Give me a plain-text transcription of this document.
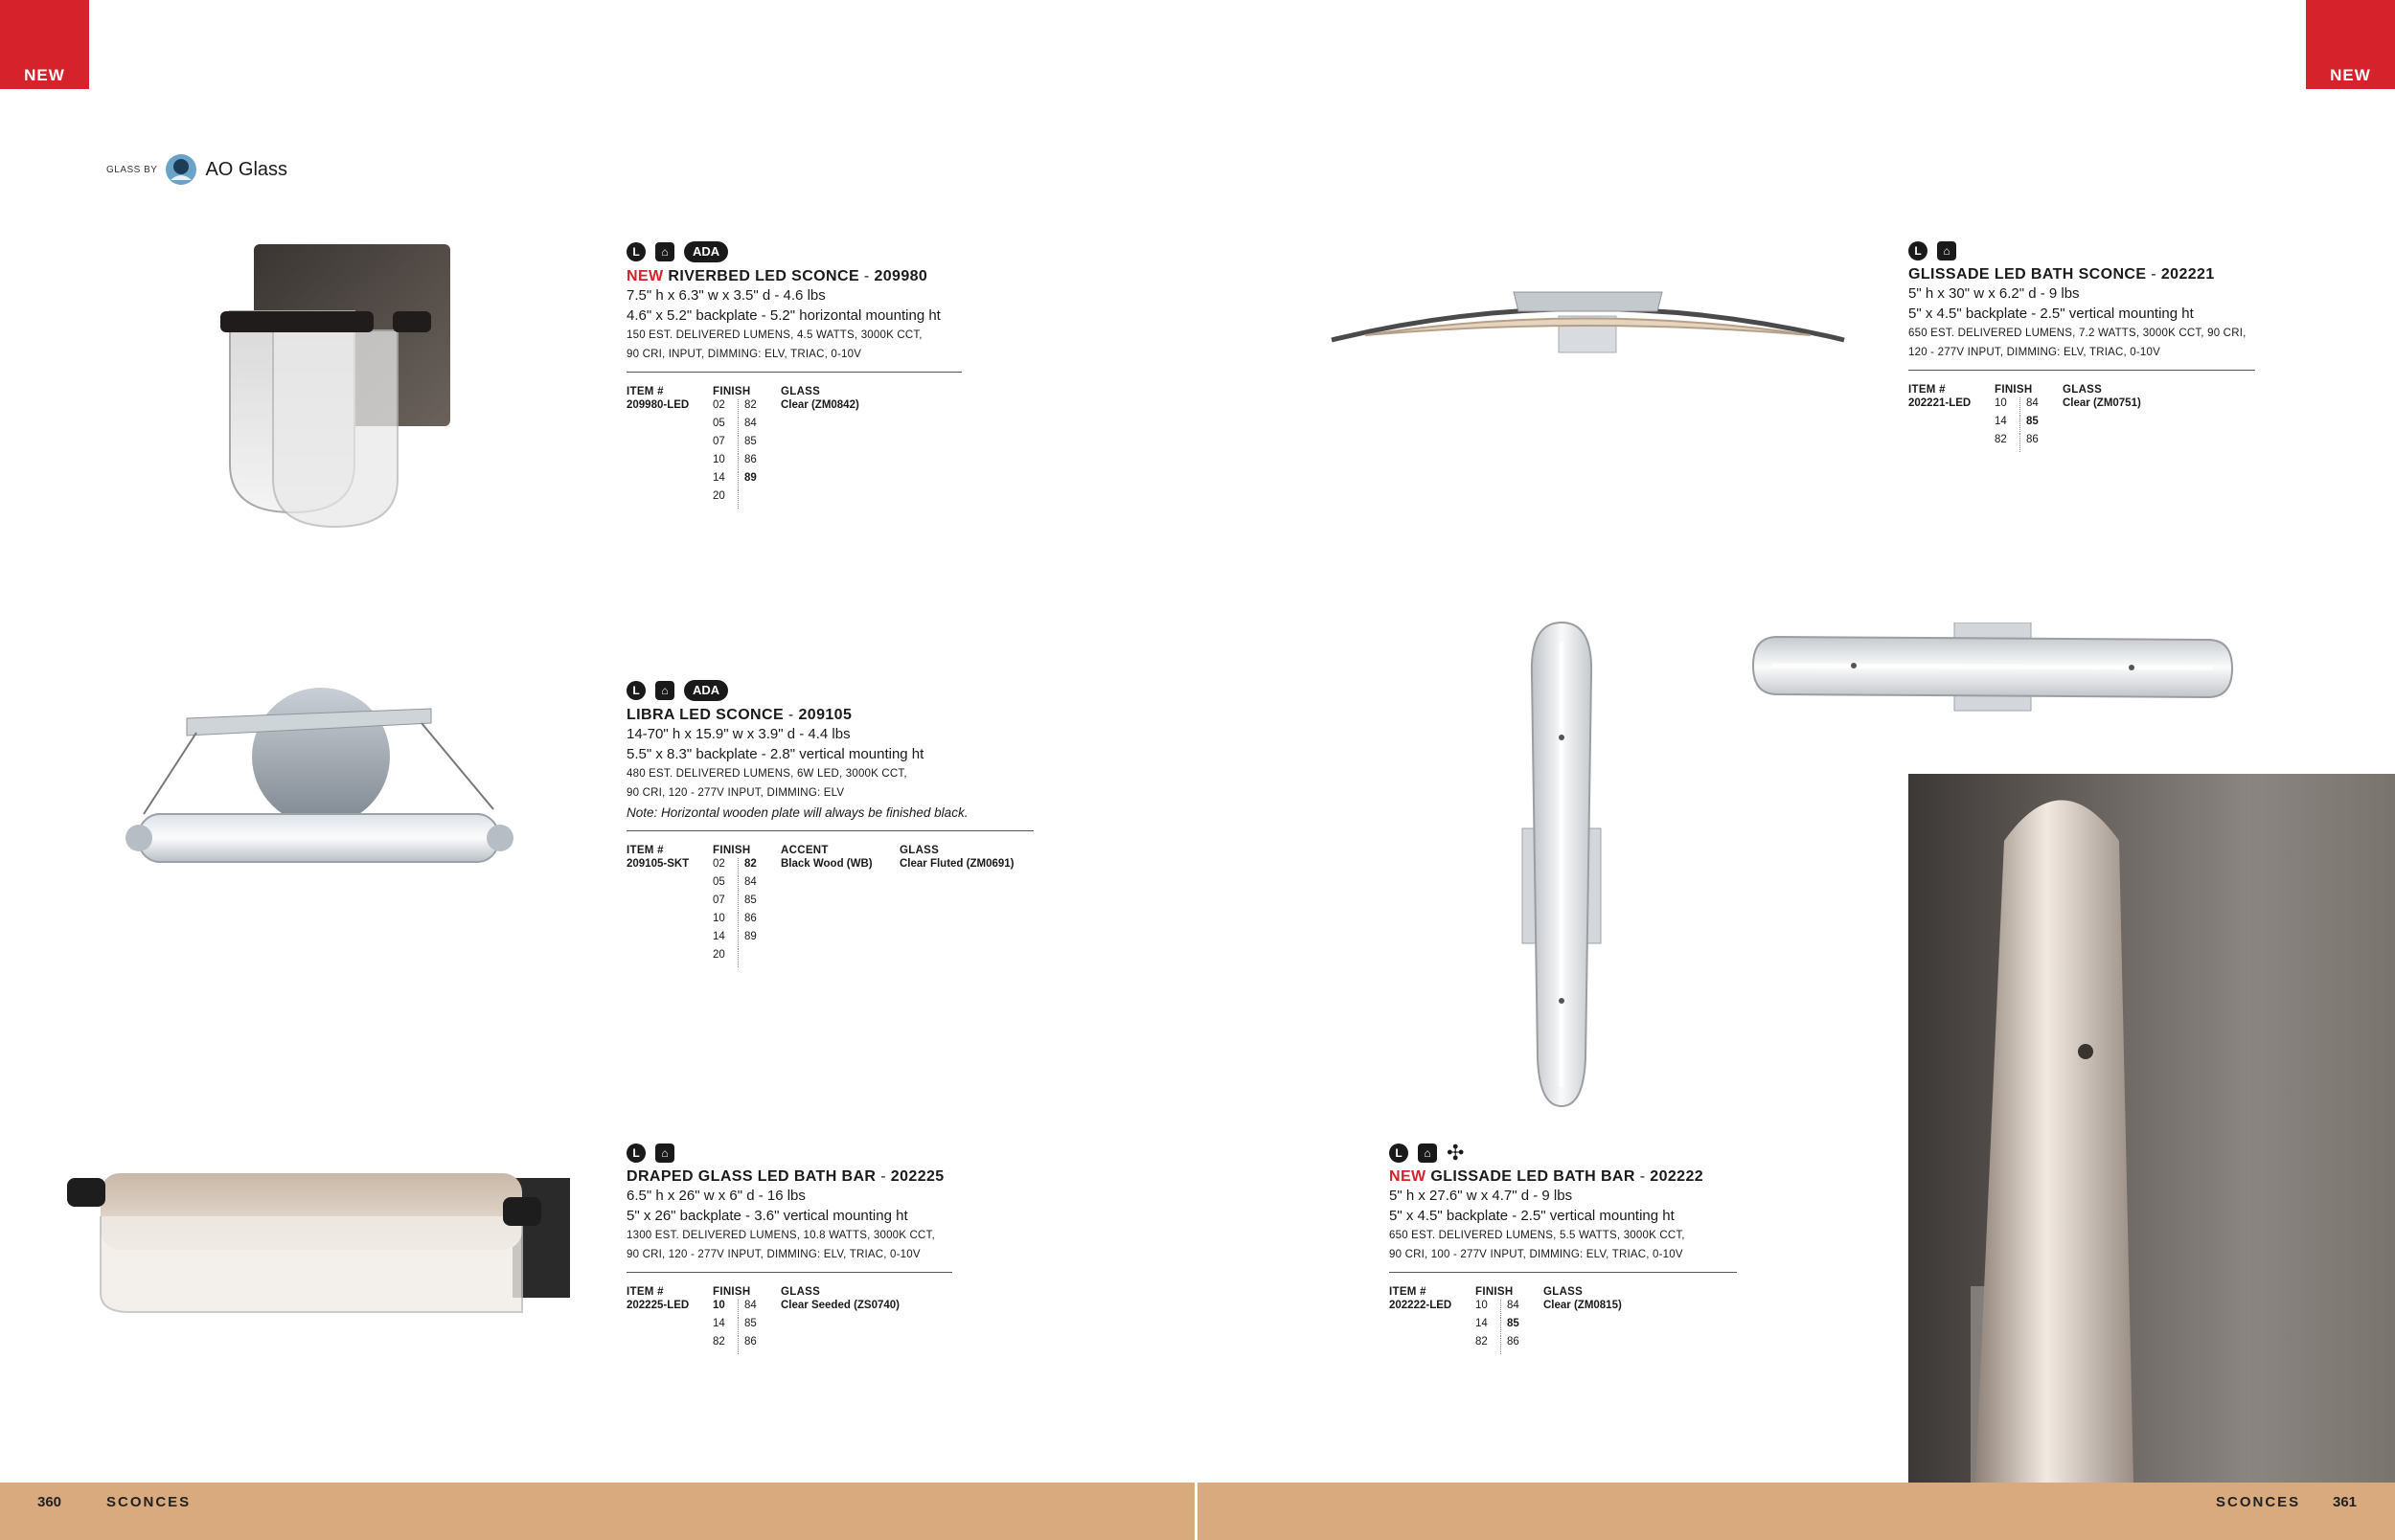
NEW	NEW
GLASS BY	AO Glass
L	⌂	ADA
NEW RIVERBED LED SCONCE - 209980
7.5" h x 6.3" w x 3.5" d - 4.6 lbs
4.6" x 5.2" backplate - 5.2" horizontal mounting ht
150 EST. DELIVERED LUMENS, 4.5 WATTS, 3000K CCT,
90 CRI, INPUT, DIMMING: ELV, TRIAC, 0-10V
ITEM #	FINISH		GLASS
209980-LED	02	82	Clear (ZM0842)
	05	84	
	07	85	
	10	86	
	14	89	
	20		
L	⌂	ADA
LIBRA LED SCONCE - 209105
14-70" h x 15.9" w x 3.9" d - 4.4 lbs
5.5" x 8.3" backplate - 2.8" vertical mounting ht
480 EST. DELIVERED LUMENS, 6W LED, 3000K CCT,
90 CRI, 120 - 277V INPUT, DIMMING: ELV
Note: Horizontal wooden plate will always be finished black.
ITEM #	FINISH		ACCENT	GLASS
209105-SKT	02	82	Black Wood (WB)	Clear Fluted (ZM0691)
	05	84		
	07	85		
	10	86		
	14	89		
	20			
L	⌂
DRAPED GLASS LED BATH BAR - 202225
6.5" h x 26" w x 6" d - 16 lbs
5" x 26" backplate - 3.6" vertical mounting ht
1300 EST. DELIVERED LUMENS, 10.8 WATTS, 3000K CCT,
90 CRI, 120 - 277V INPUT, DIMMING: ELV, TRIAC, 0-10V
ITEM #	FINISH		GLASS
202225-LED	10	84	Clear Seeded (ZS0740)
	14	85	
	82	86	
L	⌂
GLISSADE LED BATH SCONCE - 202221
5" h x 30" w x 6.2" d - 9 lbs
5" x 4.5" backplate - 2.5" vertical mounting ht
650 EST. DELIVERED LUMENS, 7.2 WATTS, 3000K CCT, 90 CRI,
120 - 277V INPUT, DIMMING: ELV, TRIAC, 0-10V
ITEM #	FINISH		GLASS
202221-LED	10	84	Clear (ZM0751)
	14	85	
	82	86	
L	⌂ ✣
NEW GLISSADE LED BATH BAR - 202222
5" h x 27.6" w x 4.7" d - 9 lbs
5" x 4.5" backplate - 2.5" vertical mounting ht
650 EST. DELIVERED LUMENS, 5.5 WATTS, 3000K CCT,
90 CRI, 100 - 277V INPUT, DIMMING: ELV, TRIAC, 0-10V
ITEM #	FINISH		GLASS
202222-LED	10	84	Clear (ZM0815)
	14	85	
	82	86	
360	SCONCES	SCONCES 361
